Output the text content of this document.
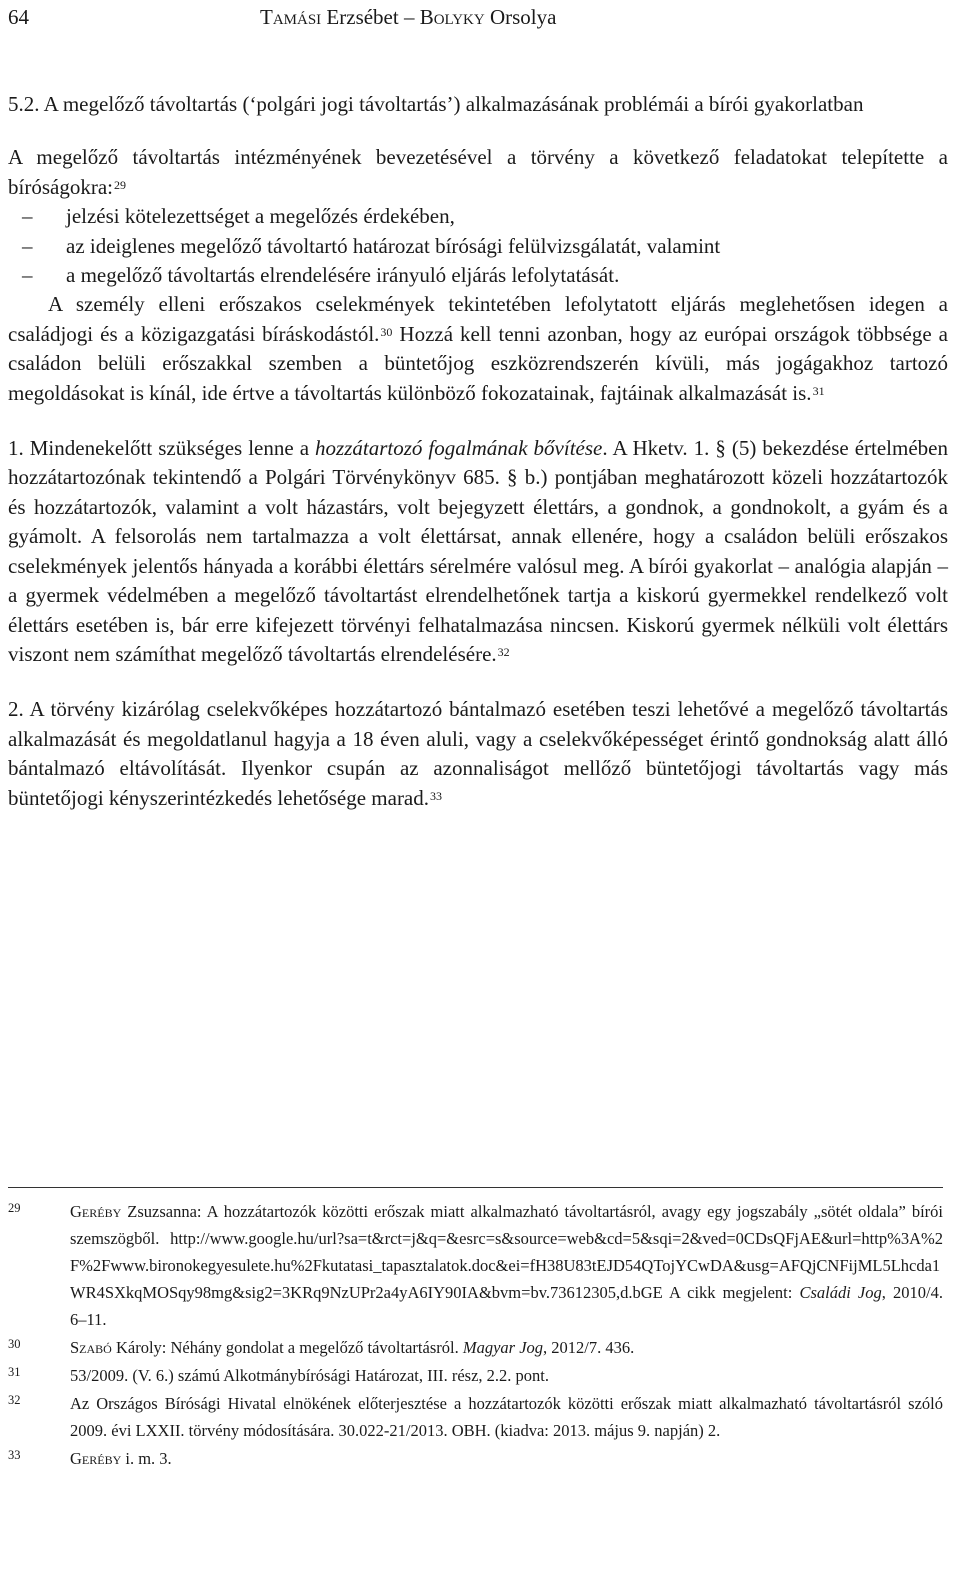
64	Tamási Erzsébet – Bolyky Orsolya

5.2. A megelőző távoltartás (‘polgári jogi távoltartás’) alkalmazásának problémái a bírói gyakorlatban

A megelőző távoltartás intézményének bevezetésével a törvény a következő feladatokat telepítette a bíróságokra:$^{29}$

– jelzési kötelezettséget a megelőzés érdekében,
– az ideiglenes megelőző távoltartó határozat bírósági felülvizsgálatát, valamint
– a megelőző távoltartás elrendelésére irányuló eljárás lefolytatását.

A személy elleni erőszakos cselekmények tekintetében lefolytatott eljárás meglehetősen idegen a családjogi és a közigazgatási bíráskodástól.$^{30}$ Hozzá kell tenni azonban, hogy az európai országok többsége a családon belüli erőszakkal szemben a büntetőjog eszközrendszerén kívüli, más jogágakhoz tartozó megoldásokat is kínál, ide értve a távoltartás különböző fokozatainak, fajtáinak alkalmazását is.$^{31}$

1. Mindenekelőtt szükséges lenne a hozzátartozó fogalmának bővítése. A Hketv. 1. § (5) bekezdése értelmében hozzátartozónak tekintendő a Polgári Törvénykönyv 685. § b.) pontjában meghatározott közeli hozzátartozók és hozzátartozók, valamint a volt házastárs, volt bejegyzett élettárs, a gondnok, a gondnokolt, a gyám és a gyámolt. A felsorolás nem tartalmazza a volt élettársat, annak ellenére, hogy a családon belüli erőszakos cselekmények jelentős hányada a korábbi élettárs sérelmére valósul meg. A bírói gyakorlat – analógia alapján – a gyermek védelmében a megelőző távoltartást elrendelhetőnek tartja a kiskorú gyermekkel rendelkező volt élettárs esetében is, bár erre kifejezett törvényi felhatalmazása nincsen. Kiskorú gyermek nélküli volt élettárs viszont nem számíthat megelőző távoltartás elrendelésére.$^{32}$

2. A törvény kizárólag cselekvőképes hozzátartozó bántalmazó esetében teszi lehetővé a megelőző távoltartás alkalmazását és megoldatlanul hagyja a 18 éven aluli, vagy a cselekvőképességet érintő gondnokság alatt álló bántalmazó eltávolítását. Ilyenkor csupán az azonnaliságot mellőző büntetőjogi távoltartás vagy más büntetőjogi kényszerintézkedés lehetősége marad.$^{33}$

29	Geréby Zsuzsanna: A hozzátartozók közötti erőszak miatt alkalmazható távoltartásról, avagy egy jogszabály „sötét oldala” bírói szemszögből. http://www.google.hu/url?sa=t&rct=j&q=&esrc=s&source=web&cd=5&sqi=2&ved=0CDsQFjAE&url=http%3A%2F%2Fwww.bironokegyesulete.hu%2Fkutatasi_tapasztalatok.doc&ei=fH38U83tEJD54QTojYCwDA&usg=AFQjCNFijML5Lhcda1WR4SXkqMOSqy98mg&sig2=3KRq9NzUPr2a4yA6IY90IA&bvm=bv.73612305,d.bGE A cikk megjelent: Családi Jog, 2010/4. 6–11.
30	Szabó Károly: Néhány gondolat a megelőző távoltartásról. Magyar Jog, 2012/7. 436.
31	53/2009. (V. 6.) számú Alkotmánybírósági Határozat, III. rész, 2.2. pont.
32	Az Országos Bírósági Hivatal elnökének előterjesztése a hozzátartozók közötti erőszak miatt alkalmazható távoltartásról szóló 2009. évi LXXII. törvény módosítására. 30.022-21/2013. OBH. (kiadva: 2013. május 9. napján) 2.
33	Geréby i. m. 3.
